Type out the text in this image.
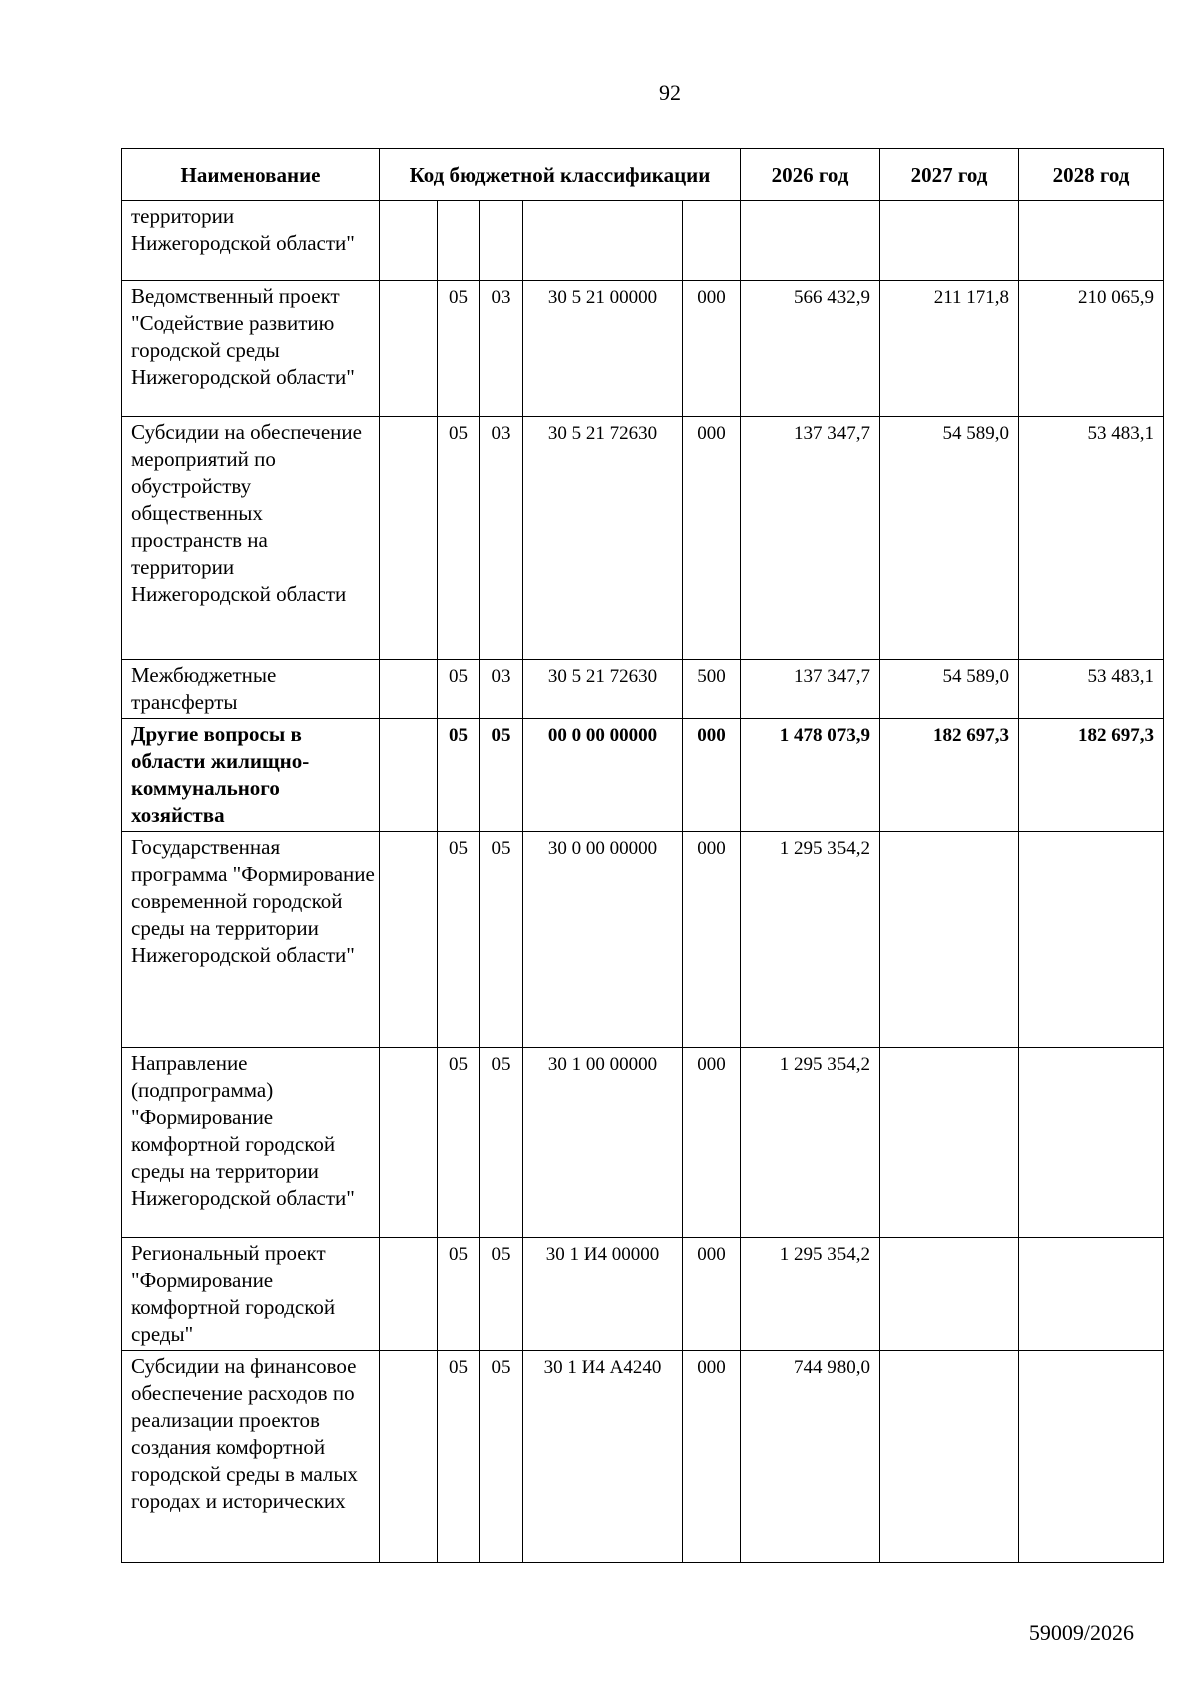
92
Наименование	Код бюджетной классификации					2026 год	2027 год	2028 год
территории Нижегородской области"								
Ведомственный проект "Содействие развитию городской среды Нижегородской области"		05	03	30 5 21 00000	000	566 432,9	211 171,8	210 065,9
Субсидии на обеспечение мероприятий по обустройству общественных пространств на территории Нижегородской области		05	03	30 5 21 72630	000	137 347,7	54 589,0	53 483,1
Межбюджетные трансферты		05	03	30 5 21 72630	500	137 347,7	54 589,0	53 483,1
Другие вопросы в области жилищно-коммунального хозяйства		05	05	00 0 00 00000	000	1 478 073,9	182 697,3	182 697,3
Государственная программа "Формирование современной городской среды на территории Нижегородской области"		05	05	30 0 00 00000	000	1 295 354,2		
Направление (подпрограмма) "Формирование комфортной городской среды на территории Нижегородской области"		05	05	30 1 00 00000	000	1 295 354,2		
Региональный проект "Формирование комфортной городской среды"		05	05	30 1 И4 00000	000	1 295 354,2		
Субсидии на финансовое обеспечение расходов по реализации проектов создания комфортной городской среды в малых городах и исторических		05	05	30 1 И4 А4240	000	744 980,0		
59009/2026
